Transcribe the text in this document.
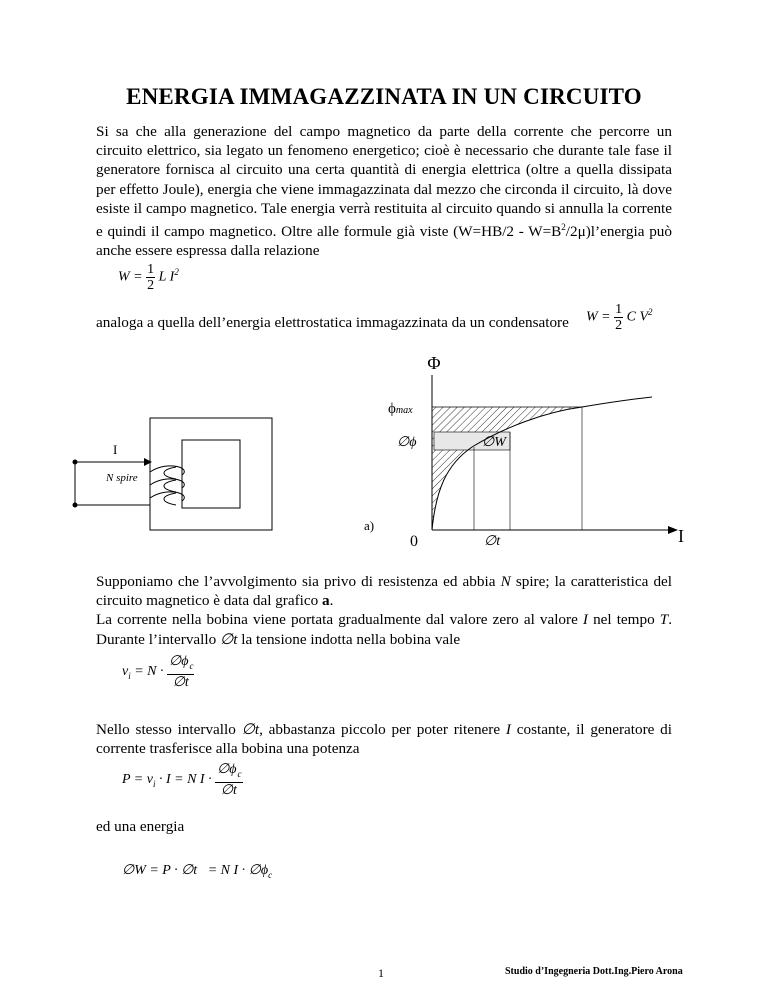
ENERGIA IMMAGAZZINATA IN UN CIRCUITO

Si sa che alla generazione del campo magnetico da parte della corrente che percorre un circuito elettrico, sia legato un fenomeno energetico; cioè è necessario che durante tale fase il generatore fornisca al circuito una certa quantità di energia elettrica (oltre a quella dissipata per effetto Joule), energia che viene immagazzinata dal mezzo che circonda il circuito, là dove esiste il campo magnetico. Tale energia verrà restituita al circuito quando si annulla la corrente e quindi il campo magnetico. Oltre alle formule già viste $(W=HB/2 - W=B^2/2\mu)l’energia$ può anche essere espressa dalla relazione

$W = \frac{1}{2}$ L $I^2$
analoga a quella dell’energia elettrostatica immagazzinata da un condensatore $W = \frac{1}{2}$ C $V^2$
I
N spire
Φ
ϕmax
∅ϕ	∅W
a)
0	∅t	I

Supponiamo che l’avvolgimento sia privo di resistenza ed abbia N spire; la caratteristica del circuito magnetico è data dal grafico a.
La corrente nella bobina viene portata gradualmente dal valore zero al valore I nel tempo T. Durante l’intervallo ∅t la tensione indotta nella bobina vale

$v_i = N \cdot \frac{\emptyset\phi_c}{\emptyset t}$

Nello stesso intervallo ∅t, abbastanza piccolo per poter ritenere I costante, il generatore di corrente trasferisce alla bobina una potenza

$P = v_i \cdot I = N$ $I \cdot \frac{\emptyset\phi_c}{\emptyset t}$
ed una energia
∅W = P · ∅t   = N $I \cdot \emptyset\phi_c$
1	Studio d’Ingegneria Dott.Ing.Piero Arona
